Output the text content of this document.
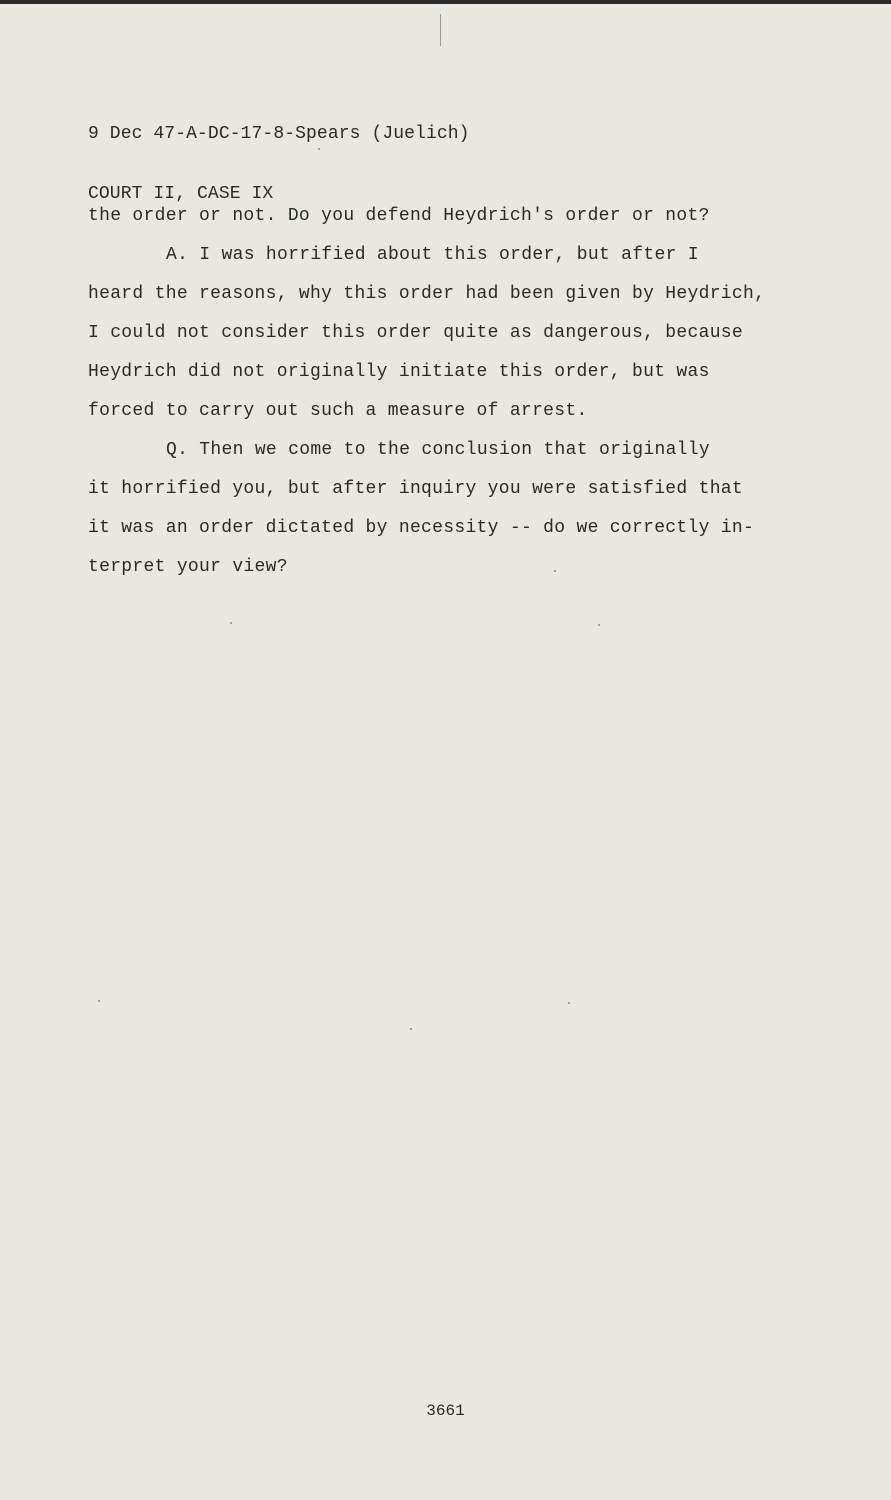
9 Dec 47-A-DC-17-8-Spears (Juelich)

COURT II, CASE IX

the order or not. Do you defend Heydrich's order or not?
A. I was horrified about this order, but after I
heard the reasons, why this order had been given by Heydrich,
I could not consider this order quite as dangerous, because
Heydrich did not originally initiate this order, but was
forced to carry out such a measure of arrest.
Q. Then we come to the conclusion that originally
it horrified you, but after inquiry you were satisfied that
it was an order dictated by necessity -- do we correctly in-
terpret your view?
3661
